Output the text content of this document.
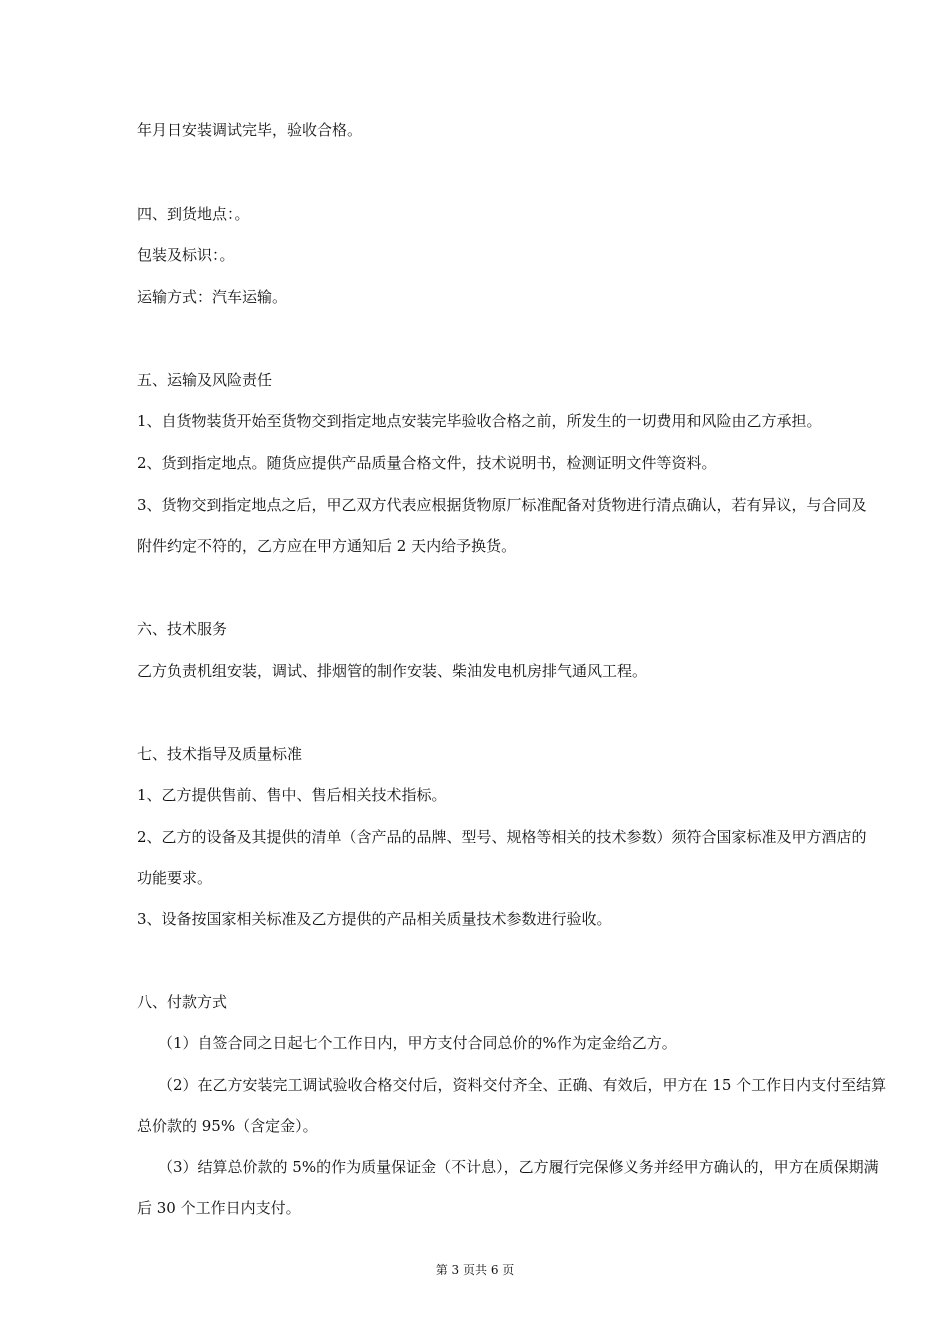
年月日安装调试完毕，验收合格。
四、到货地点：。
包装及标识：。
运输方式：汽车运输。
五、运输及风险责任
1、自货物装货开始至货物交到指定地点安装完毕验收合格之前，所发生的一切费用和风险由乙方承担。
2、货到指定地点。随货应提供产品质量合格文件，技术说明书，检测证明文件等资料。
3、货物交到指定地点之后，甲乙双方代表应根据货物原厂标准配备对货物进行清点确认，若有异议，与合同及
附件约定不符的，乙方应在甲方通知后 2 天内给予换货。
六、技术服务
乙方负责机组安装，调试、排烟管的制作安装、柴油发电机房排气通风工程。
七、技术指导及质量标准
1、乙方提供售前、售中、售后相关技术指标。
2、乙方的设备及其提供的清单（含产品的品牌、型号、规格等相关的技术参数）须符合国家标准及甲方酒店的
功能要求。
3、设备按国家相关标准及乙方提供的产品相关质量技术参数进行验收。
八、付款方式
（1）自签合同之日起七个工作日内，甲方支付合同总价的%作为定金给乙方。
（2）在乙方安装完工调试验收合格交付后，资料交付齐全、正确、有效后，甲方在 15 个工作日内支付至结算
总价款的 95%（含定金）。
（3）结算总价款的 5%的作为质量保证金（不计息），乙方履行完保修义务并经甲方确认的，甲方在质保期满
后 30 个工作日内支付。
第 3 页共 6 页
